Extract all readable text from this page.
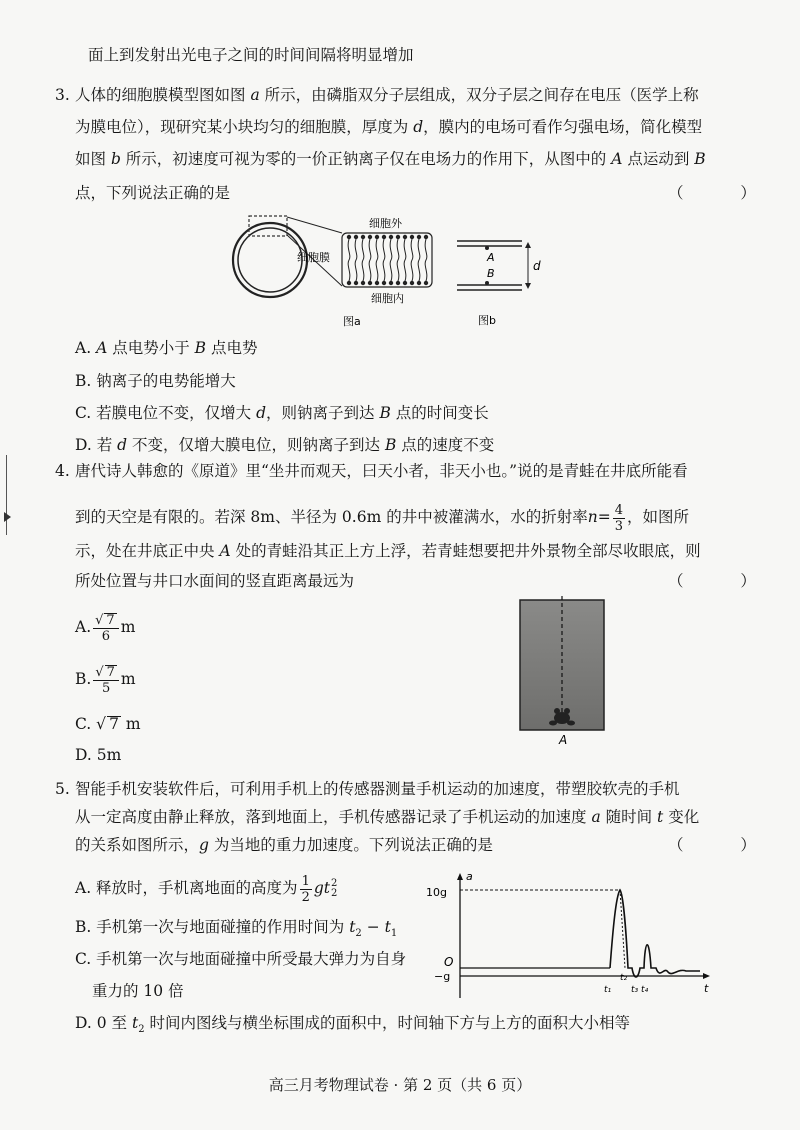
面上到发射出光电子之间的时间间隔将明显增加
3. 人体的细胞膜模型图如图 a 所示，由磷脂双分子层组成，双分子层之间存在电压（医学上称
为膜电位），现研究某小块均匀的细胞膜，厚度为 d，膜内的电场可看作匀强电场，简化模型
如图 b 所示，初速度可视为零的一价正钠离子仅在电场力的作用下，从图中的 A 点运动到 B
点，下列说法正确的是	（ ）
细胞外
细胞膜
细胞内
图a
A
B
d
图b
A. A 点电势小于 B 点电势
B. 钠离子的电势能增大
C. 若膜电位不变，仅增大 d，则钠离子到达 B 点的时间变长
D. 若 d 不变，仅增大膜电位，则钠离子到达 B 点的速度不变
4. 唐代诗人韩愈的《原道》里“坐井而观天，曰天小者，非天小也。”说的是青蛙在井底所能看
到的天空是有限的。若深 8m、半径为 0.6m 的井中被灌满水，水的折射率 $n = \frac{4}{3}$ ，如图所
示，处在井底正中央 A 处的青蛙沿其正上方上浮，若青蛙想要把井外景物全部尽收眼底，则
所处位置与井口水面间的竖直距离最远为	（ ）
A. $\frac{√ 7}{6}$ m
B. $\frac{√ 7}{5}$ m
C. √ 7 m
D. 5m
A
5. 智能手机安装软件后，可利用手机上的传感器测量手机运动的加速度，带塑胶软壳的手机
从一定高度由静止释放，落到地面上，手机传感器记录了手机运动的加速度 a 随时间 t 变化
的关系如图所示，g 为当地的重力加速度。下列说法正确的是	（ ）
A. 释放时，手机离地面的高度为 $\frac{1}{2}$ gt 2
2
B. 手机第一次与地面碰撞的作用时间为 $t_2 - t_1$
C. 手机第一次与地面碰撞中所受最大弹力为自身
重力的 10 倍
D. 0 至 $t_2$ 时间内图线与横坐标围成的面积中，时间轴下方与上方的面积大小相等
10g
a
O
−g
t
t₁
t₂
t₃ t₄
高三月考物理试卷 · 第 2 页（共 6 页）
